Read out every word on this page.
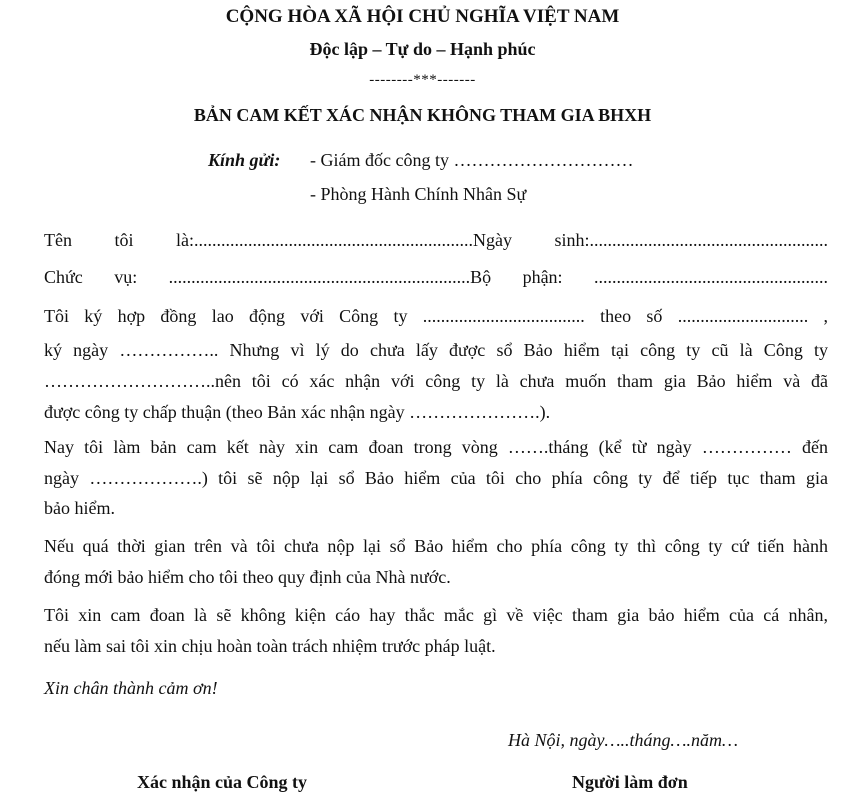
CỘNG HÒA XÃ HỘI CHỦ NGHĨA VIỆT NAM
Độc lập – Tự do – Hạnh phúc
--------***-------
BẢN CAM KẾT XÁC NHẬN KHÔNG THAM GIA BHXH
Kính gửi: - Giám đốc công ty …………………………
- Phòng Hành Chính Nhân Sự
Tên tôi là:..............................................................Ngày sinh:.....................................................
Chức vụ: ...................................................................Bộ phận: ....................................................
Tôi ký hợp đồng lao động với Công ty .................................... theo số ............................. ,
ký ngày …………….. Nhưng vì lý do chưa lấy được sổ Bảo hiểm tại công ty cũ là Công ty
………………………..nên tôi có xác nhận với công ty là chưa muốn tham gia Bảo hiểm và đã
được công ty chấp thuận (theo Bản xác nhận ngày ………………….).
Nay tôi làm bản cam kết này xin cam đoan trong vòng …….tháng (kể từ ngày …………… đến
ngày ……………….) tôi sẽ nộp lại sổ Bảo hiểm của tôi cho phía công ty để tiếp tục tham gia
bảo hiểm.
Nếu quá thời gian trên và tôi chưa nộp lại sổ Bảo hiểm cho phía công ty thì công ty cứ tiến hành
đóng mới bảo hiểm cho tôi theo quy định của Nhà nước.
Tôi xin cam đoan là sẽ không kiện cáo hay thắc mắc gì về việc tham gia bảo hiểm của cá nhân,
nếu làm sai tôi xin chịu hoàn toàn trách nhiệm trước pháp luật.
Xin chân thành cảm ơn!
Hà Nội, ngày…..tháng….năm…
Xác nhận của Công ty	Người làm đơn
